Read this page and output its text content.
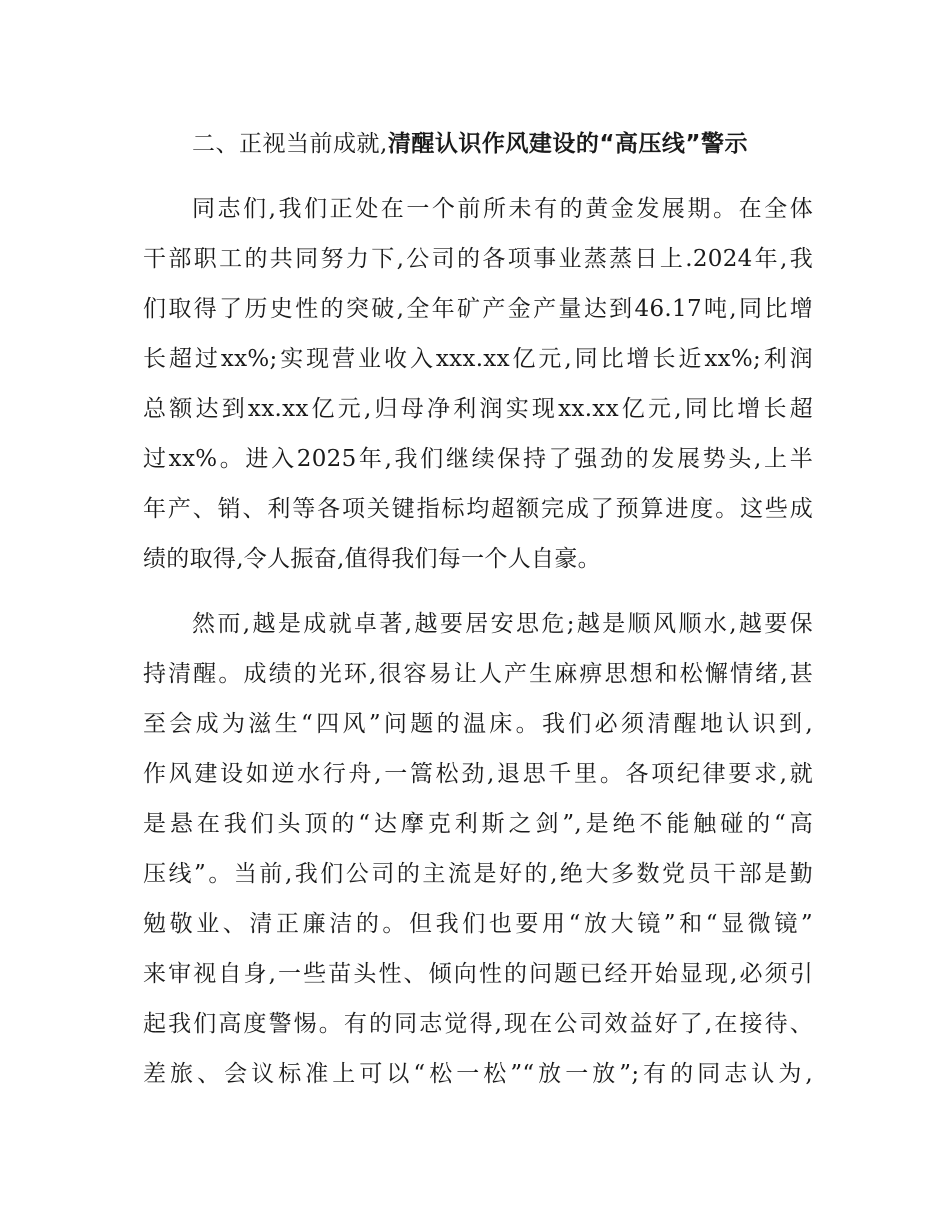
二、正视当前成就,清醒认识作风建设的“高压线”警示
同志们,我们正处在一个前所未有的黄金发展期。在全体
干部职工的共同努力下,公司的各项事业蒸蒸日上.2024年,我
们取得了历史性的突破,全年矿产金产量达到46.17吨,同比增
长超过xx%;实现营业收入xxx.xx亿元,同比增长近xx%;利润
总额达到xx.xx亿元,归母净利润实现xx.xx亿元,同比增长超
过xx%。进入2025年,我们继续保持了强劲的发展势头,上半
年产、销、利等各项关键指标均超额完成了预算进度。这些成
绩的取得,令人振奋,值得我们每一个人自豪。
然而,越是成就卓著,越要居安思危;越是顺风顺水,越要保
持清醒。成绩的光环,很容易让人产生麻痹思想和松懈情绪,甚
至会成为滋生“四风”问题的温床。我们必须清醒地认识到,
作风建设如逆水行舟,一篙松劲,退思千里。各项纪律要求,就
是悬在我们头顶的“达摩克利斯之剑”,是绝不能触碰的“高
压线”。当前,我们公司的主流是好的,绝大多数党员干部是勤
勉敬业、清正廉洁的。但我们也要用“放大镜”和“显微镜”
来审视自身,一些苗头性、倾向性的问题已经开始显现,必须引
起我们高度警惕。有的同志觉得,现在公司效益好了,在接待、
差旅、会议标准上可以“松一松”“放一放”;有的同志认为,
